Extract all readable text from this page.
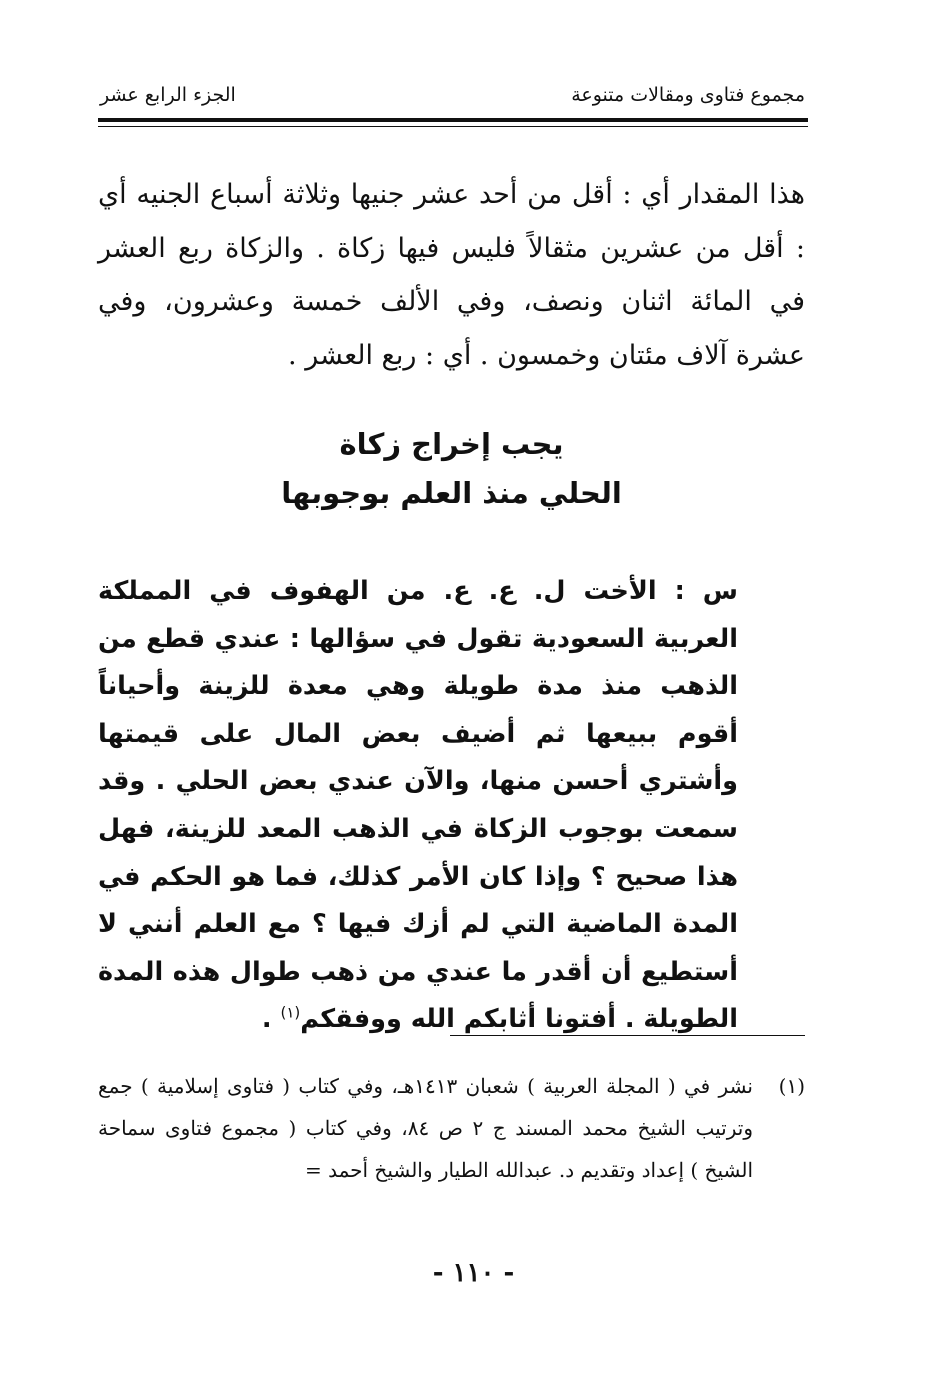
مجموع فتاوى ومقالات متنوعة
الجزء الرابع عشر

هذا المقدار أي : أقل من أحد عشر جنيها وثلاثة أسباع الجنيه أي : أقل من عشرين مثقالاً فليس فيها زكاة . والزكاة ربع العشر في المائة اثنان ونصف، وفي الألف خمسة وعشرون، وفي عشرة آلاف مئتان وخمسون . أي : ربع العشر .

يجب إخراج زكاة
الحلي منذ العلم بوجوبها

س : الأخت ل. ع. ع. من الهفوف في المملكة العربية السعودية تقول في سؤالها : عندي قطع من الذهب منذ مدة طويلة وهي معدة للزينة وأحياناً أقوم ببيعها ثم أضيف بعض المال على قيمتها وأشتري أحسن منها، والآن عندي بعض الحلي . وقد سمعت بوجوب الزكاة في الذهب المعد للزينة، فهل هذا صحيح ؟ وإذا كان الأمر كذلك، فما هو الحكم في المدة الماضية التي لم أزك فيها ؟ مع العلم أنني لا أستطيع أن أقدر ما عندي من ذهب طوال هذه المدة الطويلة . أفتونا أثابكم الله ووفقكم$^{(١)}$ .

(١)
نشر في ( المجلة العربية ) شعبان ١٤١٣هـ، وفي كتاب ( فتاوى إسلامية ) جمع وترتيب الشيخ محمد المسند ج ٢ ص ٨٤، وفي كتاب ( مجموع فتاوى سماحة الشيخ ) إعداد وتقديم د. عبدالله الطيار والشيخ أحمد =
- ١١٠ -
